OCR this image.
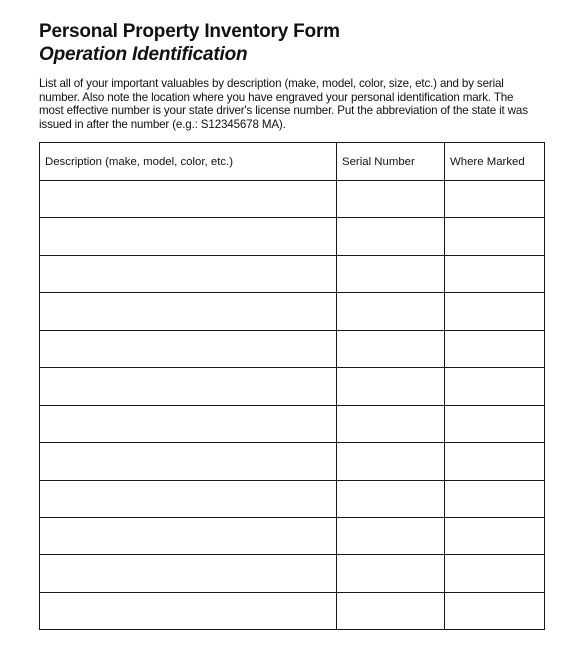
Personal Property Inventory Form
Operation Identification
List all of your important valuables by description (make, model, color, size, etc.) and by serial
number. Also note the location where you have engraved your personal identification mark. The
most effective number is your state driver's license number. Put the abbreviation of the state it was
issued in after the number (e.g.: S12345678 MA).
Description (make, model, color, etc.)	Serial Number	Where Marked
